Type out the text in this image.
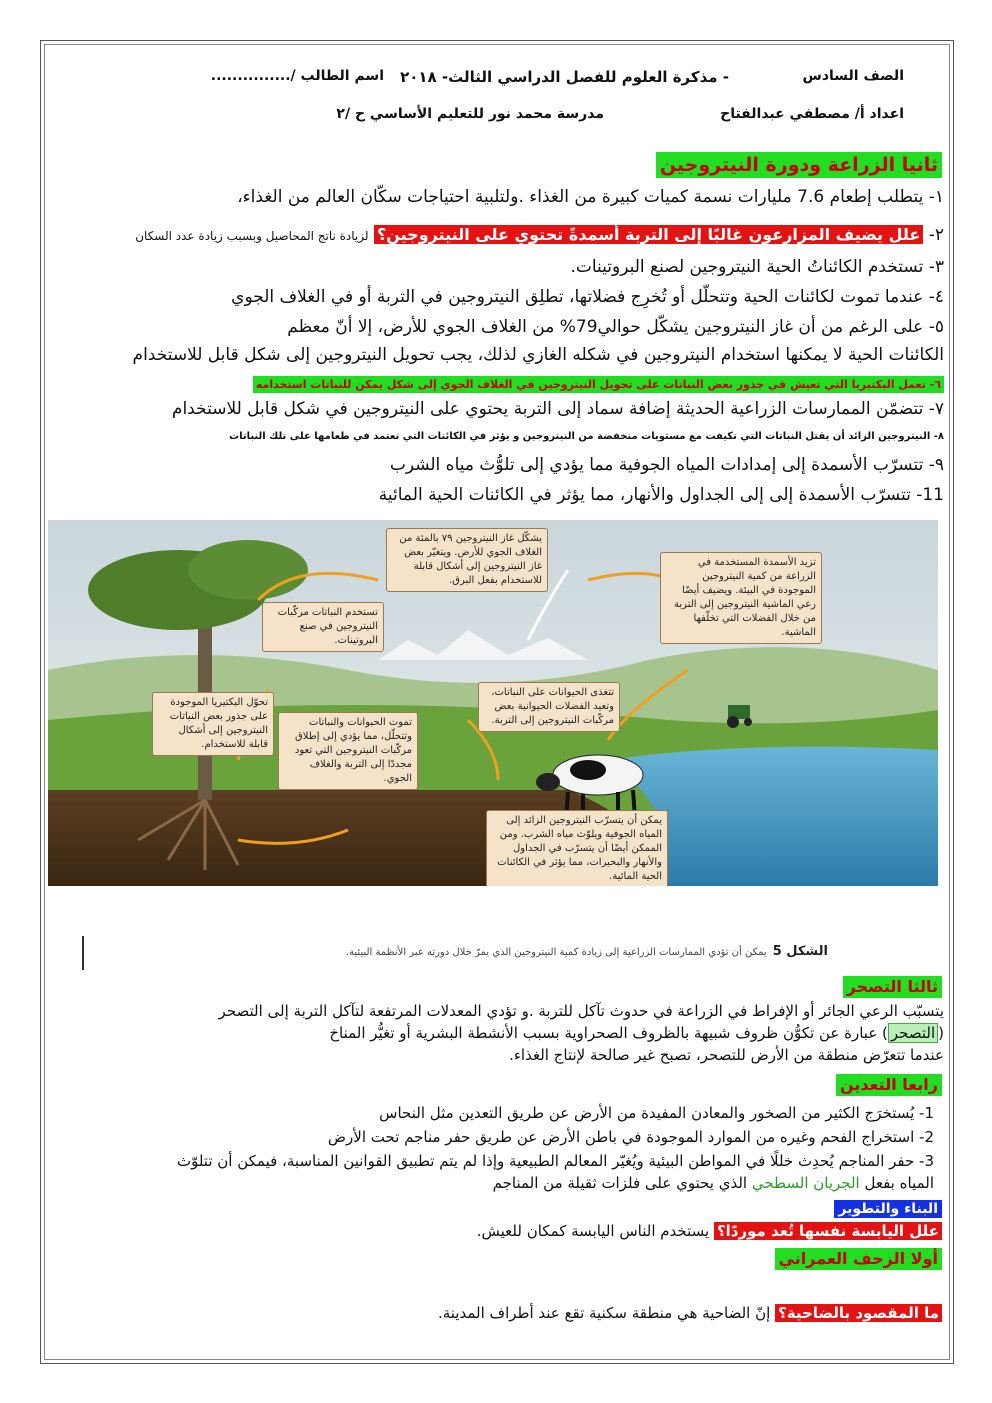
الصف السادس
- مذكرة العلوم للفصل الدراسي الثالث- ٢٠١٨
اسم الطالب /...............
اعداد أ/ مصطفي عبدالفتاح
مدرسة محمد نور للتعليم الأساسي ح /٢
ثانيا الزراعة ودورة النيتروجين
١- يتطلب إطعام 7.6 مليارات نسمة كميات كبيرة من الغذاء .ولتلبية احتياجات سكّان العالم من الغذاء،
٢- علل يضيف المزارعون غالبًا إلى التربة أسمدةً تحتوي على النيتروجين؟ لزيادة ناتج المحاصيل وبسبب زيادة عدد السكان
٣- تستخدم الكائناتُ الحية النيتروجين لصنع البروتينات.
٤- عندما تموت لكائنات الحية وتتحلّل أو تُخرِج فضلاتها، تطلِق النيتروجين في التربة أو في الغلاف الجوي
٥- على الرغم من أن غاز النيتروجين يشكّل حوالي79% من الغلاف الجوي للأرض، إلا أنّ معظم
الكائنات الحية لا يمكنها استخدام النيتروجين في شكله الغازي لذلك، يجب تحويل النيتروجين إلى شكل قابل للاستخدام
٦- تعمل البكتيريا التي تعيش في جذور بعض النباتات على تحويل النيتروجين في الغلاف الجوي إلى شكل يمكن للنباتات استخدامه
٧- تتضمّن الممارسات الزراعية الحديثة إضافة سماد إلى التربة يحتوي على النيتروجين في شكل قابل للاستخدام
٨- النيتروجين الزائد أن يقتل النباتات التي تكيفت مع مستويات منخفضة من النيتروجين و يؤثر في الكائنات التي تعتمد في طعامها على تلك النباتات
٩- تتسرّب الأسمدة إلى إمدادات المياه الجوفية مما يؤدي إلى تلوُّث مياه الشرب
11- تتسرّب الأسمدة إلى إلى الجداول والأنهار، مما يؤثر في الكائنات الحية المائية
يشكّل غاز النيتروجين ٧٩ بالمئة من الغلاف الجوي للأرض. ويتغيّر بعض غاز النيتروجين إلى أشكال قابلة للاستخدام بفعل البرق.
تزيد الأسمدة المستخدمة في الزراعة من كمية النيتروجين الموجودة في البيئة. ويضيف أيضًا رعي الماشية النيتروجين إلى التربة من خلال الفضلات التي تخلّفها الماشية.
تستخدم النباتات مركّبات النيتروجين في صنع البروتينات.
تتغذى الحيوانات على النباتات، وتعيد الفضلات الحيوانية بعض مركّبات النيتروجين إلى التربة.
تحوّل البكتيريا الموجودة على جذور بعض النباتات النيتروجين إلى أشكال قابلة للاستخدام.
تموت الحيوانات والنباتات وتتحلّل، مما يؤدي إلى إطلاق مركّبات النيتروجين التي تعود مجددًا إلى التربة والغلاف الجوي.
يمكن أن يتسرّب النيتروجين الزائد إلى المياه الجوفية ويلوّث مياه الشرب. ومن الممكن أيضًا أن يتسرّب في الجداول والأنهار والبحيرات، مما يؤثر في الكائنات الحية المائية.
الشكل 5يمكن أن تؤدي الممارسات الزراعية إلى زيادة كمية النيتروجين الذي يمرّ خلال دورته عبر الأنظمة البيئية.
ثالثا التصحر
يتسبّب الرعي الجائر أو الإفراط في الزراعة في حدوث تآكل للتربة .و تؤدي المعدلات المرتفعة لتآكل التربة إلى التصحر
(التصحر) عبارة عن تكوُّن ظروف شبيهة بالظروف الصحراوية بسبب الأنشطة البشرية أو تغيُّر المناخ
عندما تتعرّض منطقة من الأرض للتصحر، تصبح غير صالحة لإنتاج الغذاء.
رابعا التعدين
1- يُستخرَج الكثير من الصخور والمعادن المفيدة من الأرض عن طريق التعدين مثل النحاس
2- استخراج الفحم وغيره من الموارد الموجودة في باطن الأرض عن طريق حفر مناجم تحت الأرض
3- حفر المناجم يُحدِث خللًا في المواطن البيئية ويُغيّر المعالم الطبيعية وإذا لم يتم تطبيق القوانين المناسبة، فيمكن أن تتلوّث
المياه بفعل الجريان السطحي الذي يحتوي على فلزات ثقيلة من المناجم
البناء والتطوير
علل اليابسة نفسها تُعد موردًا؟ يستخدم الناس اليابسة كمكان للعيش.
أولا الزحف العمراني
ما المقصود بالضاحية؟ إنّ الضاحية هي منطقة سكنية تقع عند أطراف المدينة.
